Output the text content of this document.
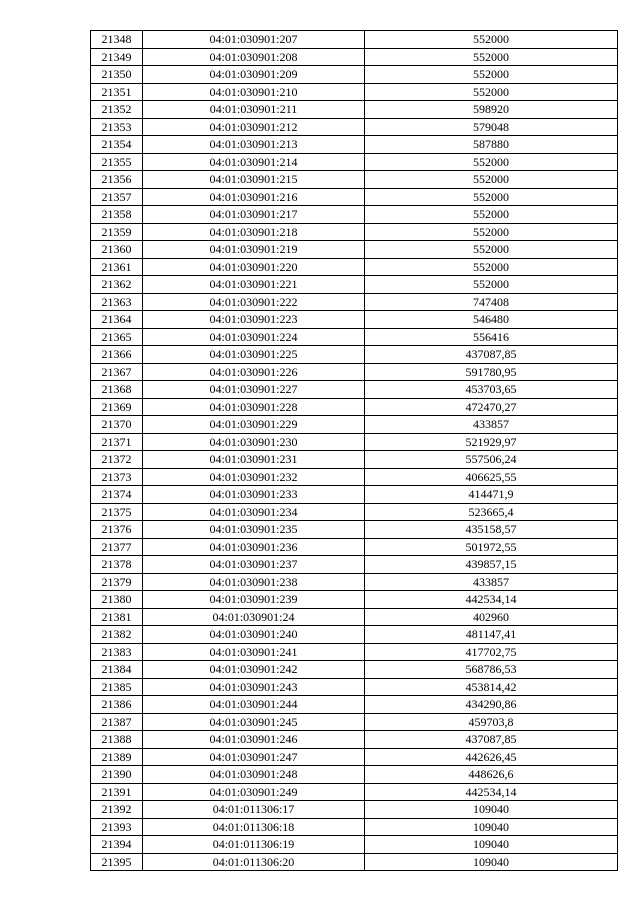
21348	04:01:030901:207	552000
21349	04:01:030901:208	552000
21350	04:01:030901:209	552000
21351	04:01:030901:210	552000
21352	04:01:030901:211	598920
21353	04:01:030901:212	579048
21354	04:01:030901:213	587880
21355	04:01:030901:214	552000
21356	04:01:030901:215	552000
21357	04:01:030901:216	552000
21358	04:01:030901:217	552000
21359	04:01:030901:218	552000
21360	04:01:030901:219	552000
21361	04:01:030901:220	552000
21362	04:01:030901:221	552000
21363	04:01:030901:222	747408
21364	04:01:030901:223	546480
21365	04:01:030901:224	556416
21366	04:01:030901:225	437087,85
21367	04:01:030901:226	591780,95
21368	04:01:030901:227	453703,65
21369	04:01:030901:228	472470,27
21370	04:01:030901:229	433857
21371	04:01:030901:230	521929,97
21372	04:01:030901:231	557506,24
21373	04:01:030901:232	406625,55
21374	04:01:030901:233	414471,9
21375	04:01:030901:234	523665,4
21376	04:01:030901:235	435158,57
21377	04:01:030901:236	501972,55
21378	04:01:030901:237	439857,15
21379	04:01:030901:238	433857
21380	04:01:030901:239	442534,14
21381	04:01:030901:24	402960
21382	04:01:030901:240	481147,41
21383	04:01:030901:241	417702,75
21384	04:01:030901:242	568786,53
21385	04:01:030901:243	453814,42
21386	04:01:030901:244	434290,86
21387	04:01:030901:245	459703,8
21388	04:01:030901:246	437087,85
21389	04:01:030901:247	442626,45
21390	04:01:030901:248	448626,6
21391	04:01:030901:249	442534,14
21392	04:01:011306:17	109040
21393	04:01:011306:18	109040
21394	04:01:011306:19	109040
21395	04:01:011306:20	109040
